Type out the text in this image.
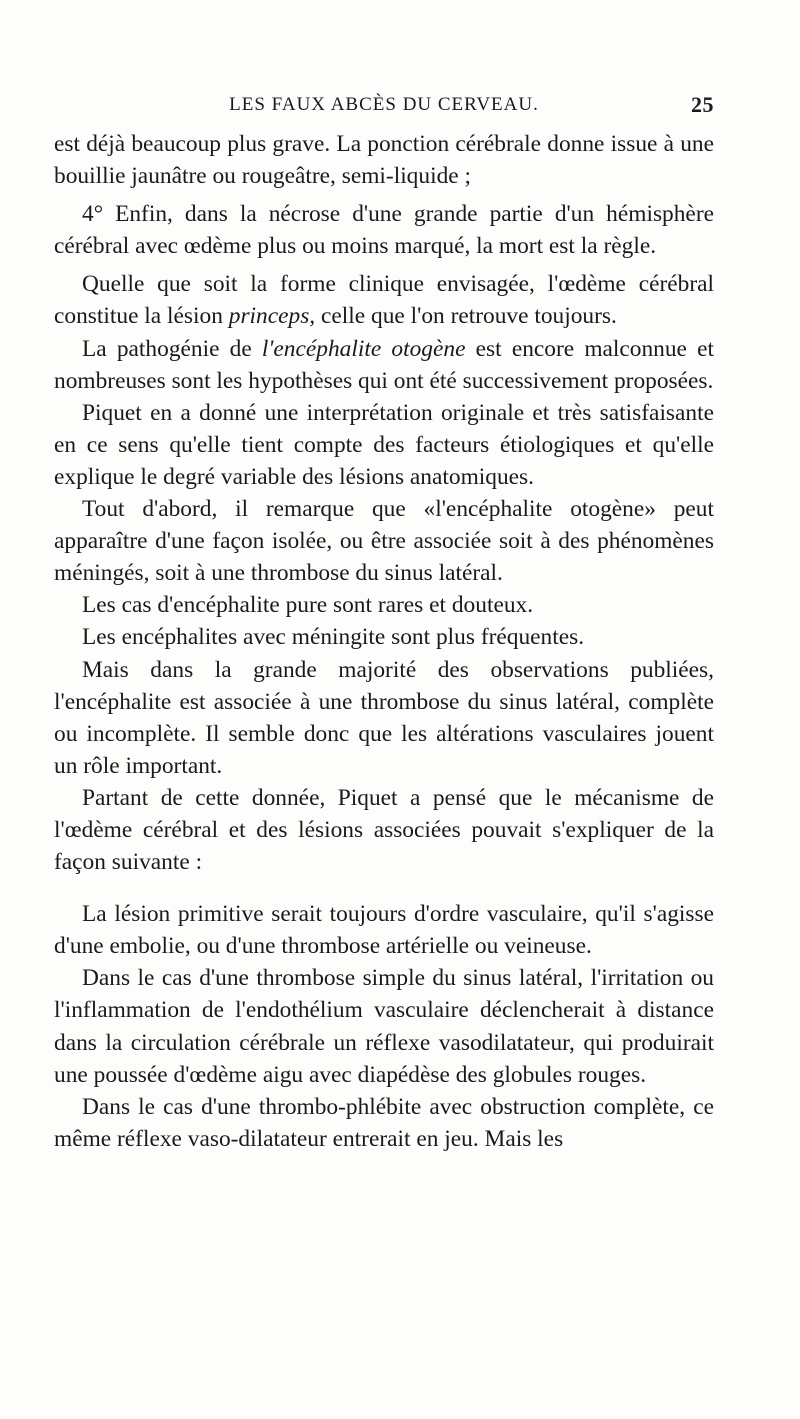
LES FAUX ABCÈS DU CERVEAU.	25

est déjà beaucoup plus grave. La ponction cérébrale donne issue à une bouillie jaunâtre ou rougeâtre, semi-liquide ;

4° Enfin, dans la nécrose d'une grande partie d'un hémisphère cérébral avec œdème plus ou moins marqué, la mort est la règle.

Quelle que soit la forme clinique envisagée, l'œdème cérébral constitue la lésion princeps, celle que l'on retrouve toujours.

La pathogénie de l'encéphalite otogène est encore malconnue et nombreuses sont les hypothèses qui ont été successivement proposées.

Piquet en a donné une interprétation originale et très satisfaisante en ce sens qu'elle tient compte des facteurs étiologiques et qu'elle explique le degré variable des lésions anatomiques.

Tout d'abord, il remarque que «l'encéphalite otogène» peut apparaître d'une façon isolée, ou être associée soit à des phénomènes méningés, soit à une thrombose du sinus latéral.

Les cas d'encéphalite pure sont rares et douteux.

Les encéphalites avec méningite sont plus fréquentes.

Mais dans la grande majorité des observations publiées, l'encéphalite est associée à une thrombose du sinus latéral, complète ou incomplète. Il semble donc que les altérations vasculaires jouent un rôle important.

Partant de cette donnée, Piquet a pensé que le mécanisme de l'œdème cérébral et des lésions associées pouvait s'expliquer de la façon suivante :

La lésion primitive serait toujours d'ordre vasculaire, qu'il s'agisse d'une embolie, ou d'une thrombose artérielle ou veineuse.

Dans le cas d'une thrombose simple du sinus latéral, l'irritation ou l'inflammation de l'endothélium vasculaire déclencherait à distance dans la circulation cérébrale un réflexe vasodilatateur, qui produirait une poussée d'œdème aigu avec diapédèse des globules rouges.

Dans le cas d'une thrombo-phlébite avec obstruction complète, ce même réflexe vaso-dilatateur entrerait en jeu. Mais les
